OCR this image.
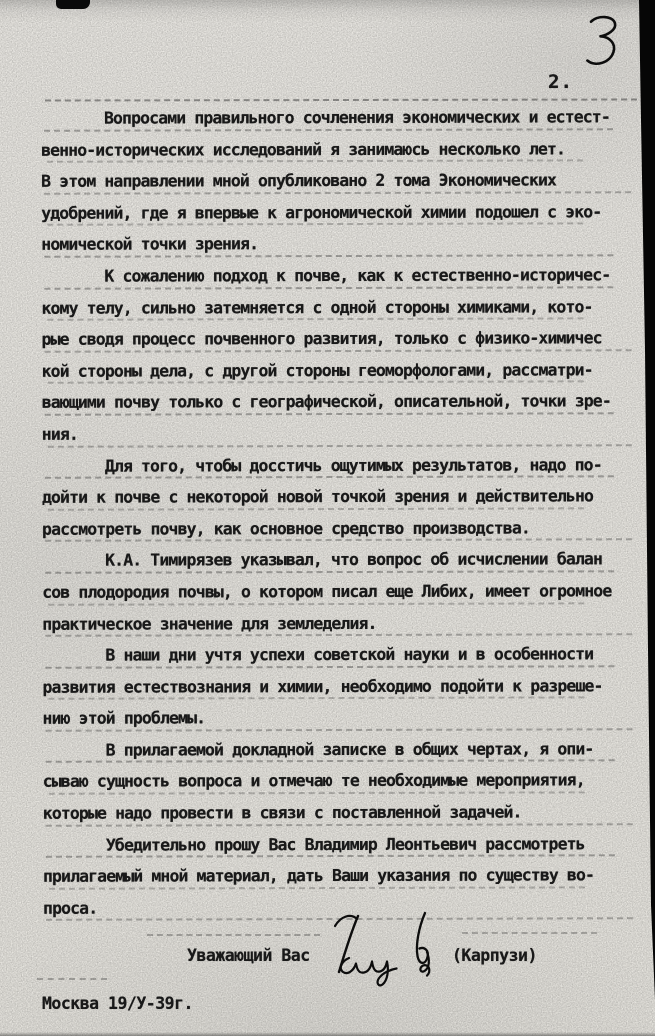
2.
Вопросами правильного сочленения экономических и естест-
венно-исторических исследований я занимаюсь несколько лет.
В этом направлении мной опубликовано 2 тома Экономических
удобрений, где я впервые к агрономической химии подошел с эко-
номической точки зрения.
К сожалению подход к почве, как к естественно-историчес-
кому телу, сильно затемняется с одной стороны химиками, кото-
рые сводя процесс почвенного развития, только с физико-химичес
кой стороны дела, с другой стороны геоморфологами, рассматри-
вающими почву только с географической, описательной, точки зре-
ния.
Для того, чтобы досстичь ощутимых результатов, надо по-
дойти к почве с некоторой новой точкой зрения и действительно
рассмотреть почву, как основное средство производства.
К.А. Тимирязев указывал, что вопрос об исчислении балан
сов плодородия почвы, о котором писал еще Либих, имеет огромное
практическое значение для земледелия.
В наши дни учтя успехи советской науки и в особенности
развития естествознания и химии, необходимо подойти к разреше-
нию этой проблемы.
В прилагаемой докладной записке в общих чертах, я опи-
сываю сущность вопроса и отмечаю те необходимые мероприятия,
которые надо провести в связи с поставленной задачей.
Убедительно прошу Вас Владимир Леонтьевич рассмотреть
прилагаемый мной материал, дать Ваши указания по существу во-
проса.
Уважающий Вас	(Карпузи)
Москва 19/У-39г.
